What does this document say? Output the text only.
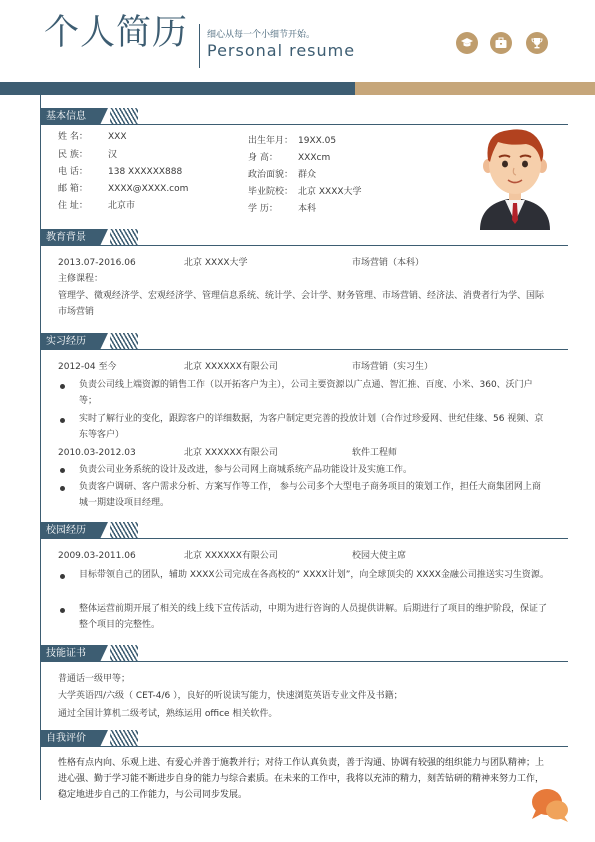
个人简历 细心从每一个小细节开始。
Personal resume
基本信息
姓 名： XXX
民 族： 汉
电 话： 138 XXXXXX888
邮 箱： XXXX@XXXX.com
住 址： 北京市
出生年月： 19XX.05
身 高： XXXcm
政治面貌： 群众
毕业院校： 北京 XXXX大学
学 历： 本科
教育背景
2013.07-2016.06	北京 XXXX大学	市场营销（本科）
主修课程：
管理学、微观经济学、宏观经济学、管理信息系统、统计学、会计学、财务管理、市场营销、经济法、消费者行为学、国际市场营销
实习经历
2012-04 至今	北京 XXXXXX有限公司	市场营销（实习生）
负责公司线上端资源的销售工作（以开拓客户为主），公司主要资源以广点通、智汇推、百度、小米、360、沃门户等；
实时了解行业的变化，跟踪客户的详细数据，为客户制定更完善的投放计划（合作过珍爱网、世纪佳缘、56 视频、京东等客户）
2010.03-2012.03	北京 XXXXXX有限公司	软件工程师
负责公司业务系统的设计及改进，参与公司网上商城系统产品功能设计及实施工作。
负责客户调研、客户需求分析、方案写作等工作， 参与公司多个大型电子商务项目的策划工作，担任大商集团网上商城一期建设项目经理。
校园经历
2009.03-2011.06	北京 XXXXXX有限公司	校园大使主席
目标带领自己的团队，辅助 XXXX公司完成在各高校的“ XXXX计划”，向全球顶尖的 XXXX金融公司推送实习生资源。
整体运营前期开展了相关的线上线下宣传活动，中期为进行咨询的人员提供讲解。后期进行了项目的维护阶段，保证了整个项目的完整性。
技能证书
普通话一级甲等；
大学英语四/六级（ CET-4/6 ），良好的听说读写能力，快速浏览英语专业文件及书籍；
通过全国计算机二级考试，熟练运用 office 相关软件。
自我评价
性格有点内向、乐观上进、有爱心并善于施教并行；对待工作认真负责，善于沟通、协调有较强的组织能力与团队精神；上进心强、勤于学习能不断进步自身的能力与综合素质。在未来的工作中，我将以充沛的精力，刻苦钻研的精神来努力工作，稳定地进步自己的工作能力，与公司同步发展。
